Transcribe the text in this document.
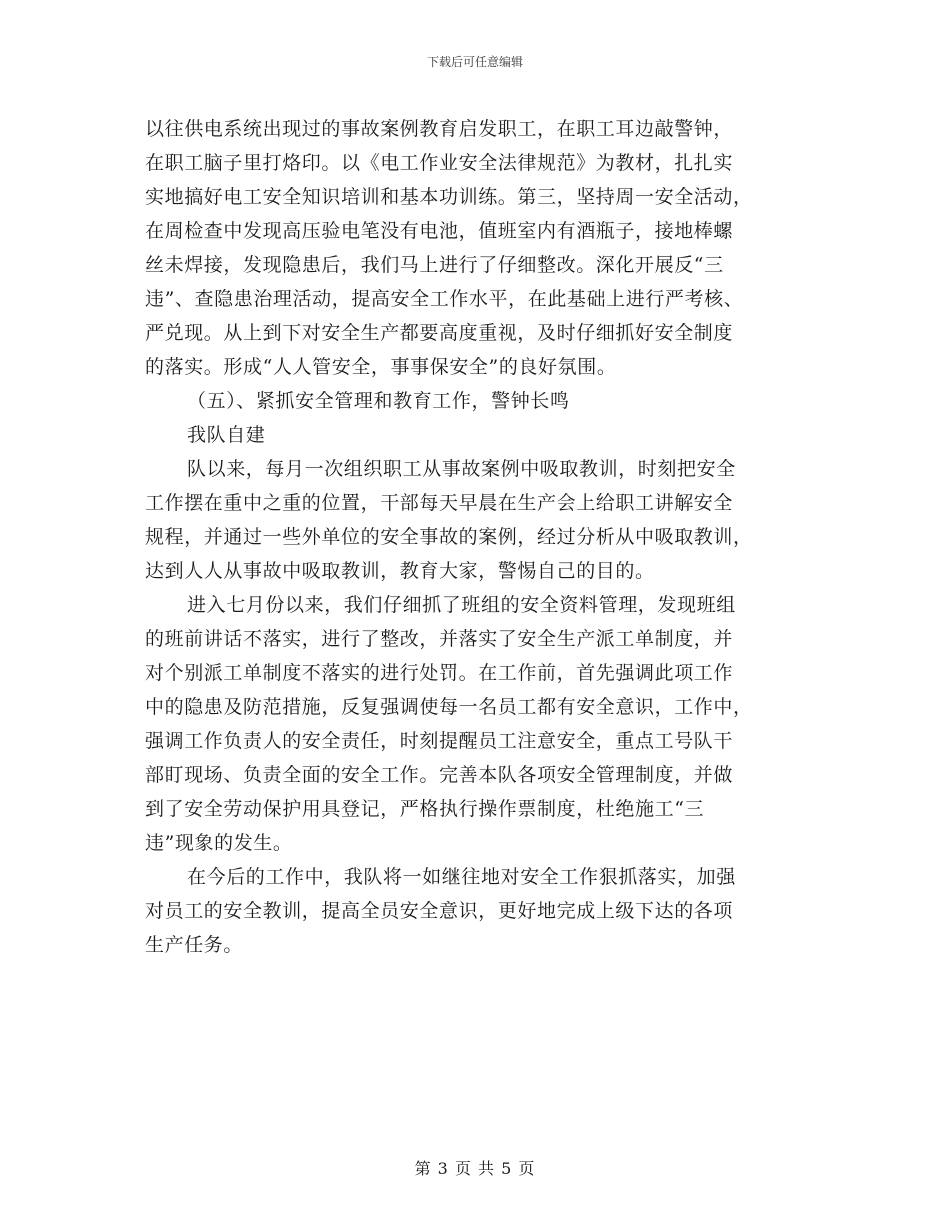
下载后可任意编辑

以往供电系统出现过的事故案例教育启发职工，在职工耳边敲警钟，

在职工脑子里打烙印。以《电工作业安全法律规范》为教材，扎扎实

实地搞好电工安全知识培训和基本功训练。第三，坚持周一安全活动，

在周检查中发现高压验电笔没有电池，值班室内有酒瓶子，接地棒螺

丝未焊接，发现隐患后，我们马上进行了仔细整改。深化开展反“三

违”、查隐患治理活动，提高安全工作水平，在此基础上进行严考核、

严兑现。从上到下对安全生产都要高度重视，及时仔细抓好安全制度

的落实。形成“人人管安全，事事保安全”的良好氛围。

（五）、紧抓安全管理和教育工作，警钟长鸣

我队自建

队以来，每月一次组织职工从事故案例中吸取教训，时刻把安全

工作摆在重中之重的位置，干部每天早晨在生产会上给职工讲解安全

规程，并通过一些外单位的安全事故的案例，经过分析从中吸取教训，

达到人人从事故中吸取教训，教育大家，警惕自己的目的。

进入七月份以来，我们仔细抓了班组的安全资料管理，发现班组

的班前讲话不落实，进行了整改，并落实了安全生产派工单制度，并

对个别派工单制度不落实的进行处罚。在工作前，首先强调此项工作

中的隐患及防范措施，反复强调使每一名员工都有安全意识，工作中，

强调工作负责人的安全责任，时刻提醒员工注意安全，重点工号队干

部盯现场、负责全面的安全工作。完善本队各项安全管理制度，并做

到了安全劳动保护用具登记，严格执行操作票制度，杜绝施工“三

违”现象的发生。

在今后的工作中，我队将一如继往地对安全工作狠抓落实，加强

对员工的安全教训，提高全员安全意识，更好地完成上级下达的各项

生产任务。

第 3 页 共 5 页
